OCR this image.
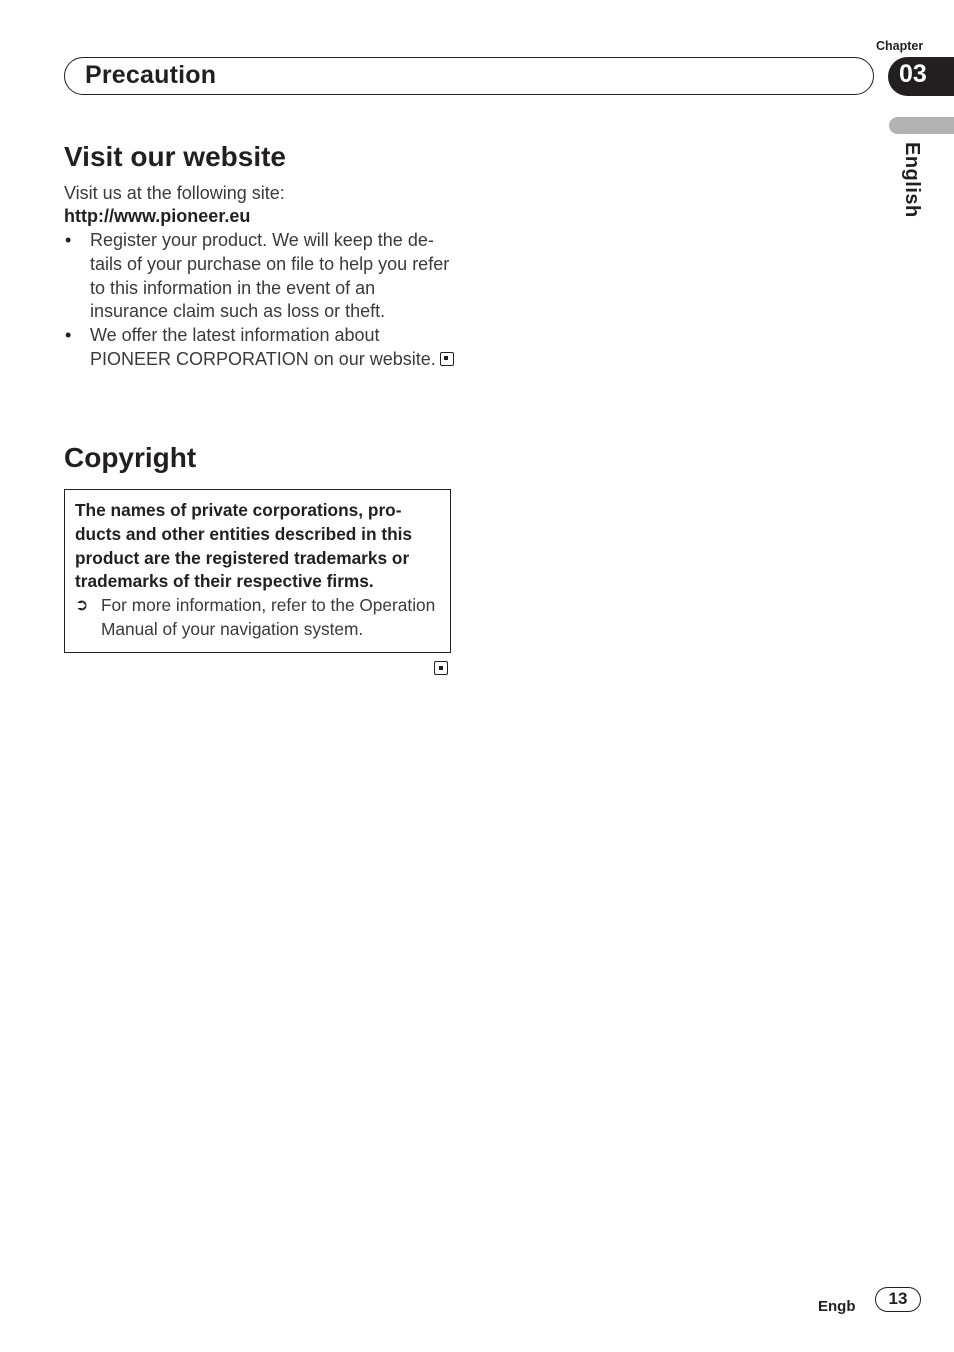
Chapter
Precaution	03
English
Visit our website
Visit us at the following site:
http://www.pioneer.eu
• Register your product. We will keep the de-tails of your purchase on file to help you refer to this information in the event of an insurance claim such as loss or theft.
• We offer the latest information about PIONEER CORPORATION on our website.
Copyright
The names of private corporations, pro-ducts and other entities described in this product are the registered trademarks or trademarks of their respective firms.
➲ For more information, refer to the Operation Manual of your navigation system.
Engb	13
